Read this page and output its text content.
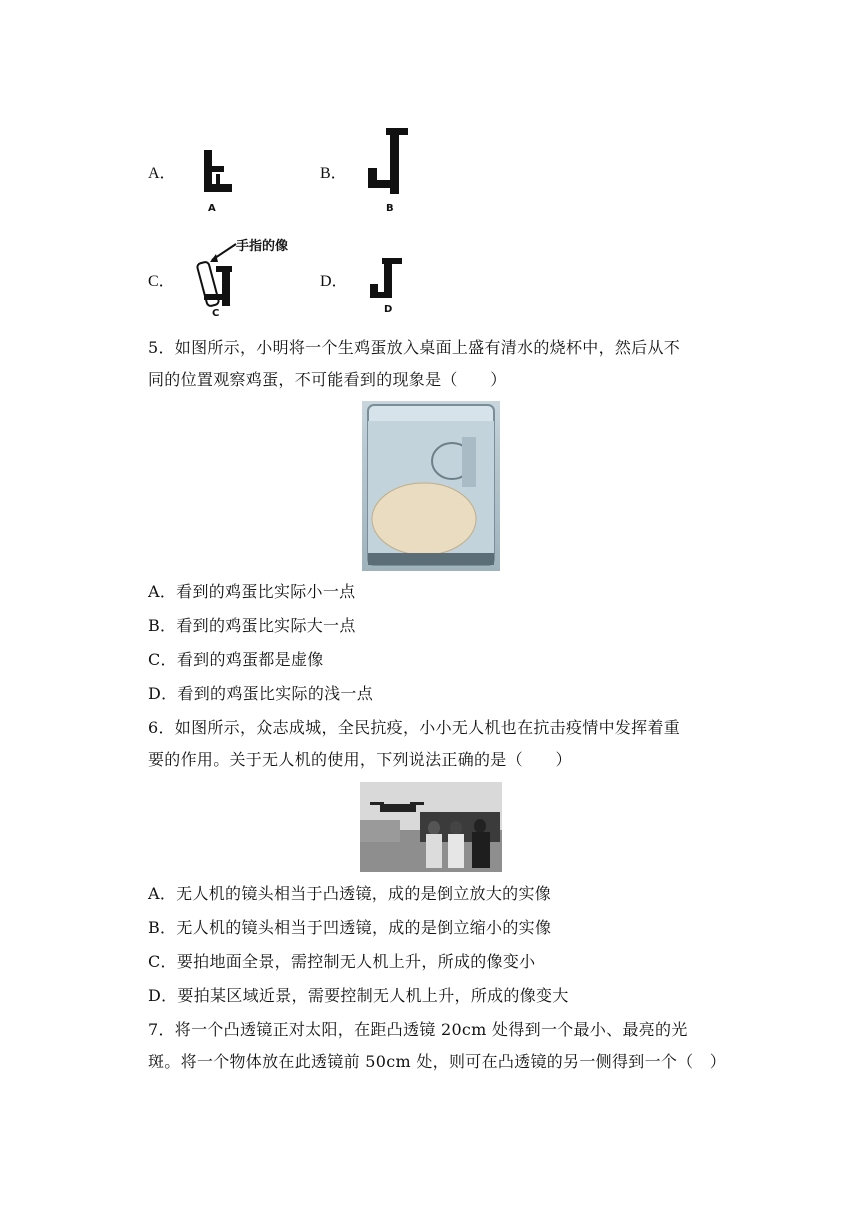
A．
A
B．
B
手指的像
C．
C
D．
D
5．如图所示，小明将一个生鸡蛋放入桌面上盛有清水的烧杯中，然后从不
同的位置观察鸡蛋，不可能看到的现象是（　　）
A．看到的鸡蛋比实际小一点
B．看到的鸡蛋比实际大一点
C．看到的鸡蛋都是虚像
D．看到的鸡蛋比实际的浅一点
6．如图所示，众志成城，全民抗疫，小小无人机也在抗击疫情中发挥着重
要的作用。关于无人机的使用，下列说法正确的是（　　）
A．无人机的镜头相当于凸透镜，成的是倒立放大的实像
B．无人机的镜头相当于凹透镜，成的是倒立缩小的实像
C．要拍地面全景，需控制无人机上升，所成的像变小
D．要拍某区域近景，需要控制无人机上升，所成的像变大
7．将一个凸透镜正对太阳，在距凸透镜 20cm 处得到一个最小、最亮的光
斑。将一个物体放在此透镜前 50cm 处，则可在凸透镜的另一侧得到一个（　）
